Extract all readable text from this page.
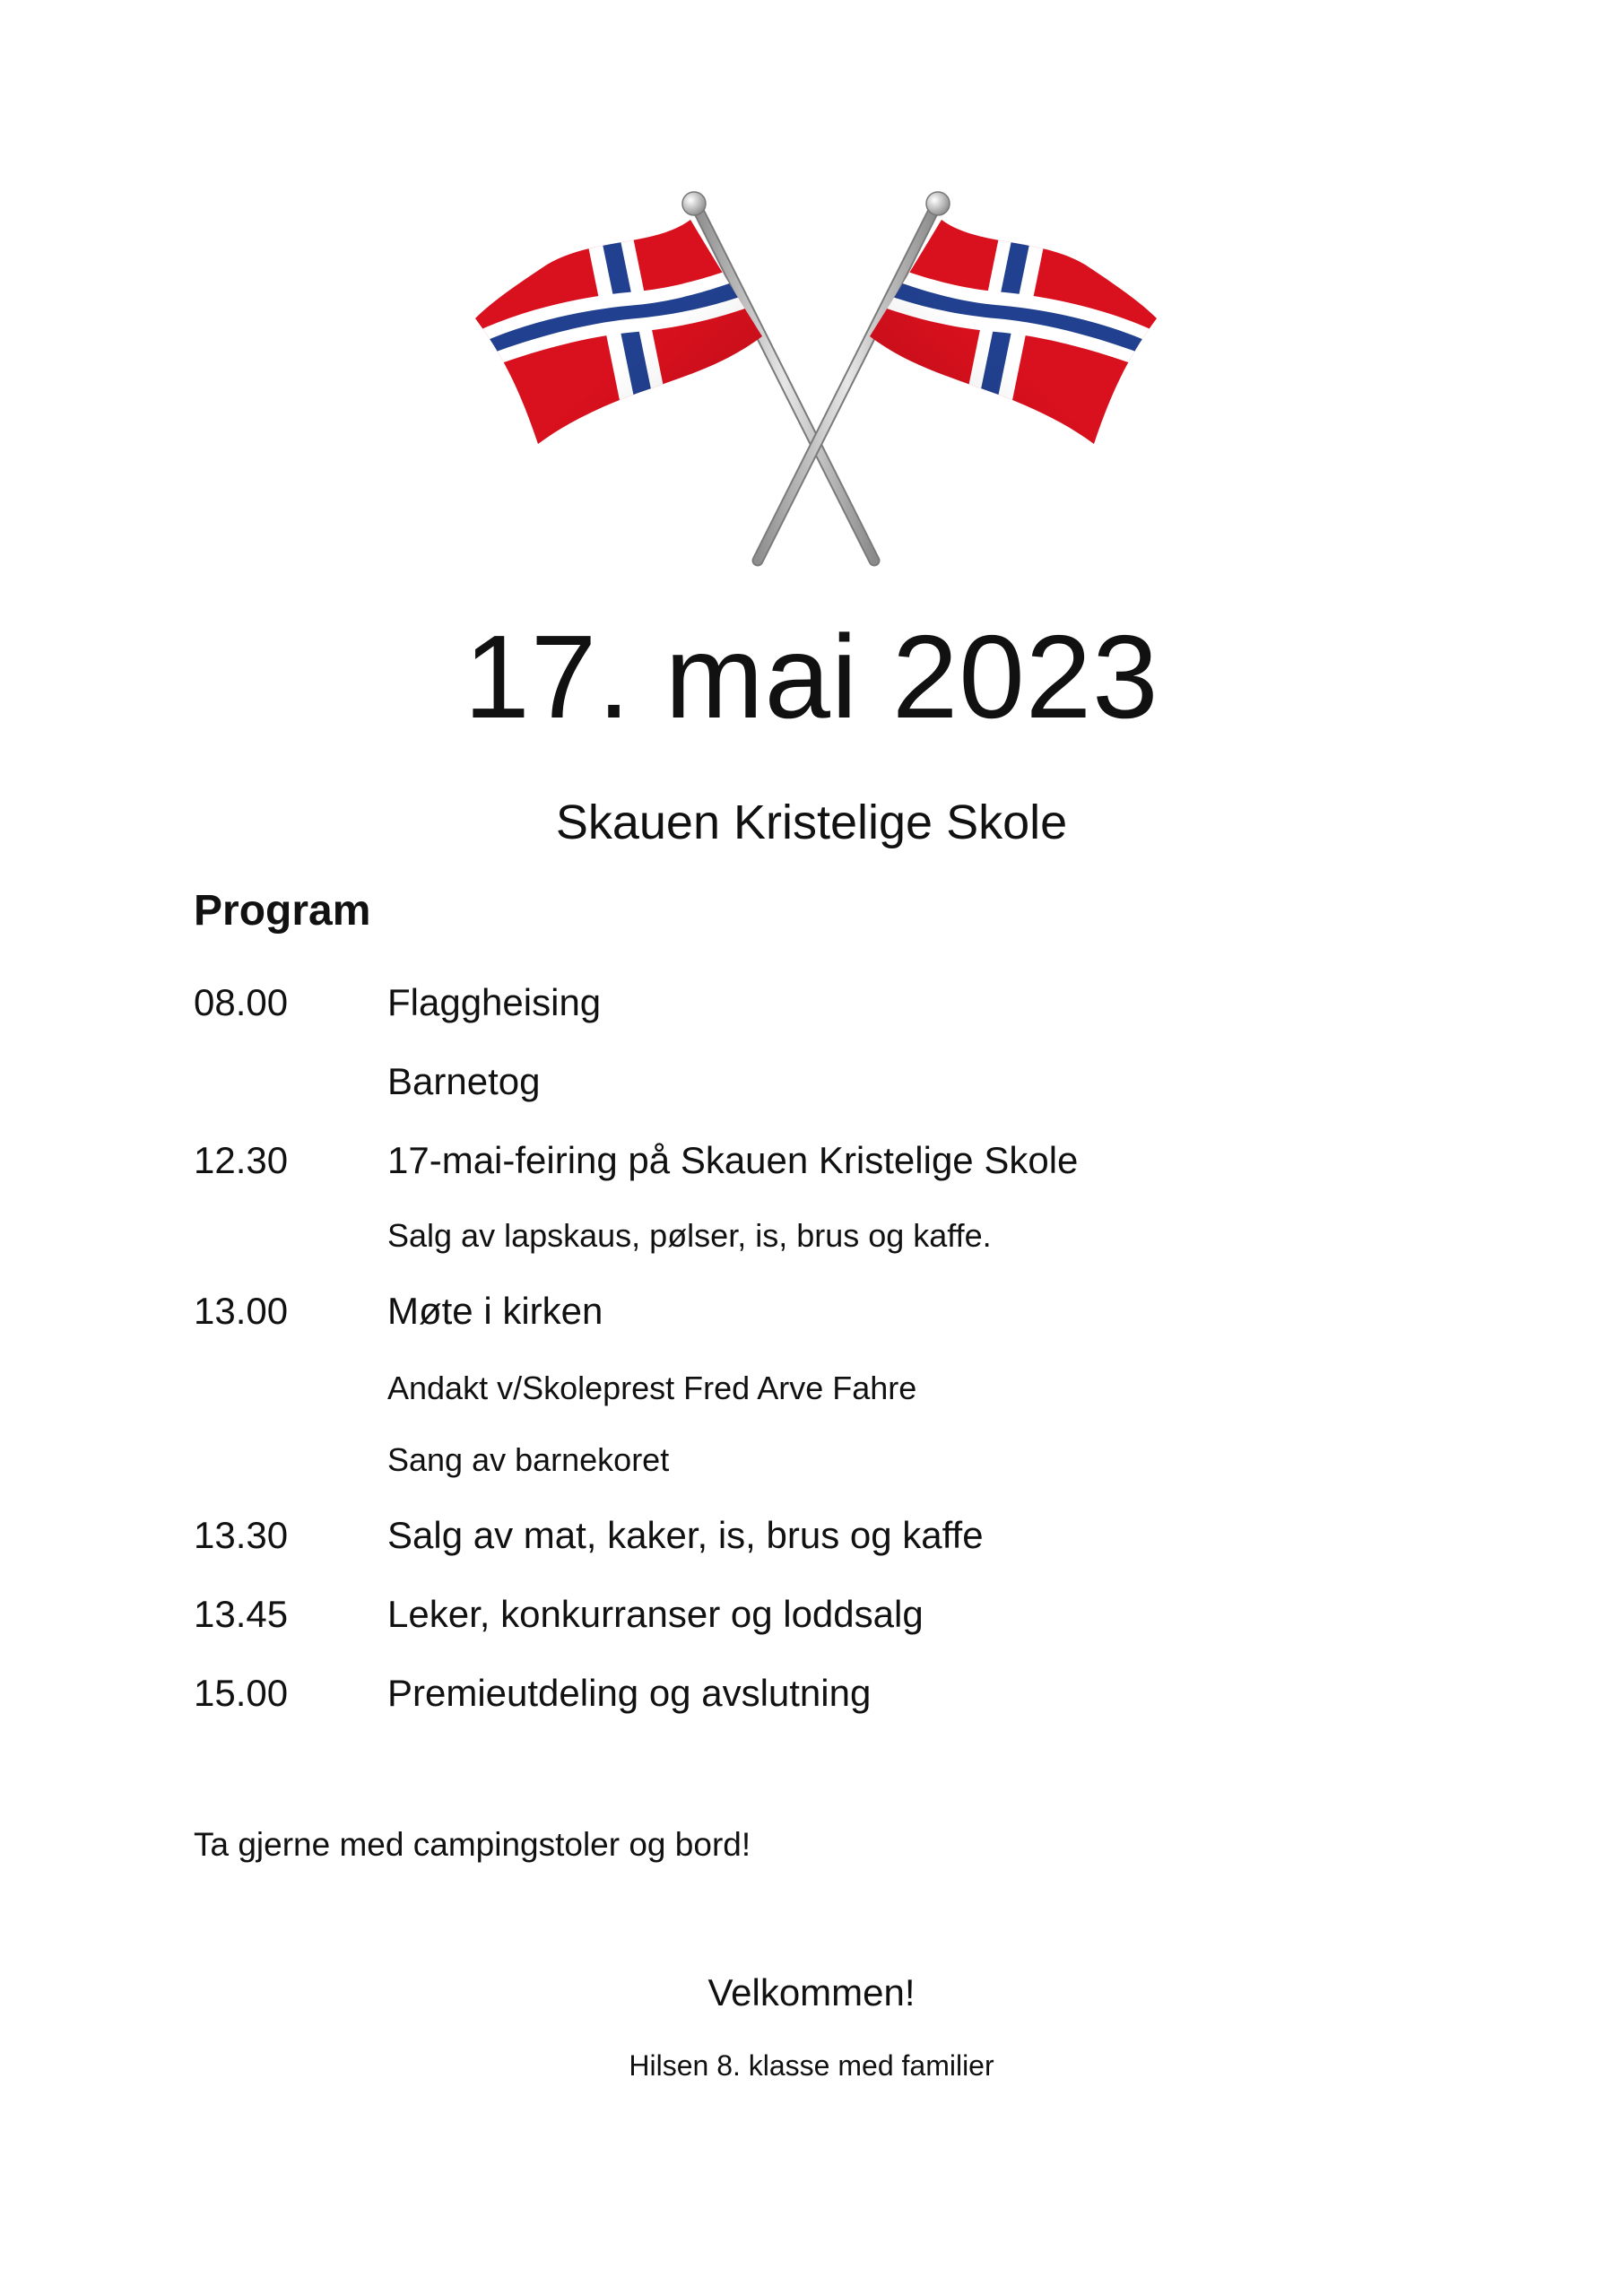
17. mai 2023
Skauen Kristelige Skole
Program
08.00	Flaggheising
Barnetog
12.30	17-mai-feiring på Skauen Kristelige Skole
Salg av lapskaus, pølser, is, brus og kaffe.
13.00	Møte i kirken
Andakt v/Skoleprest Fred Arve Fahre
Sang av barnekoret
13.30	Salg av mat, kaker, is, brus og kaffe
13.45	Leker, konkurranser og loddsalg
15.00	Premieutdeling og avslutning
Ta gjerne med campingstoler og bord!
Velkommen!
Hilsen 8. klasse med familier
